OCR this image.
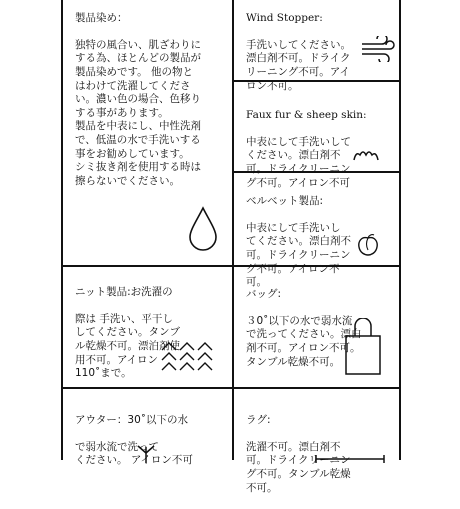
製品染め：

独特の風合い、肌ざわりに
する為、ほとんどの製品が
製品染めです。 他の物と
はわけて洗濯してくださ
い。濃い色の場合、色移り
する事があります。
製品を中表にし、中性洗剤
で、低温の水で手洗いする
事をお勧めしています。
シミ抜き剤を使用する時は
擦らないでください。

Wind Stopper:

手洗いしてください。
漂白剤不可。ドライク
リーニング不可。アイ
ロン不可。

Faux fur & sheep skin:

中表にして手洗いして
ください。漂白剤不
可。ドライクリーニン
グ不可。アイロン不可

ベルベット製品:

中表にして手洗いし
てください。漂白剤不
可。ドライクリーニン
グ不可。アイロン不
可。

ニット製品:お洗濯の

際は 手洗い、平干し
してください。タンブ
ル乾燥不可。漂泊剤使
用不可。アイロン
110˚まで。

バッグ:

３0˚以下の水で弱水流
で洗ってください。漂白
剤不可。アイロン不可。
タンブル乾燥不可。

アウター：30˚以下の水

で弱水流で洗って
ください。 アイロン不可

ラグ:

洗濯不可。漂白剤不
可。ドライクリーニン
グ不可。タンブル乾燥
不可。
